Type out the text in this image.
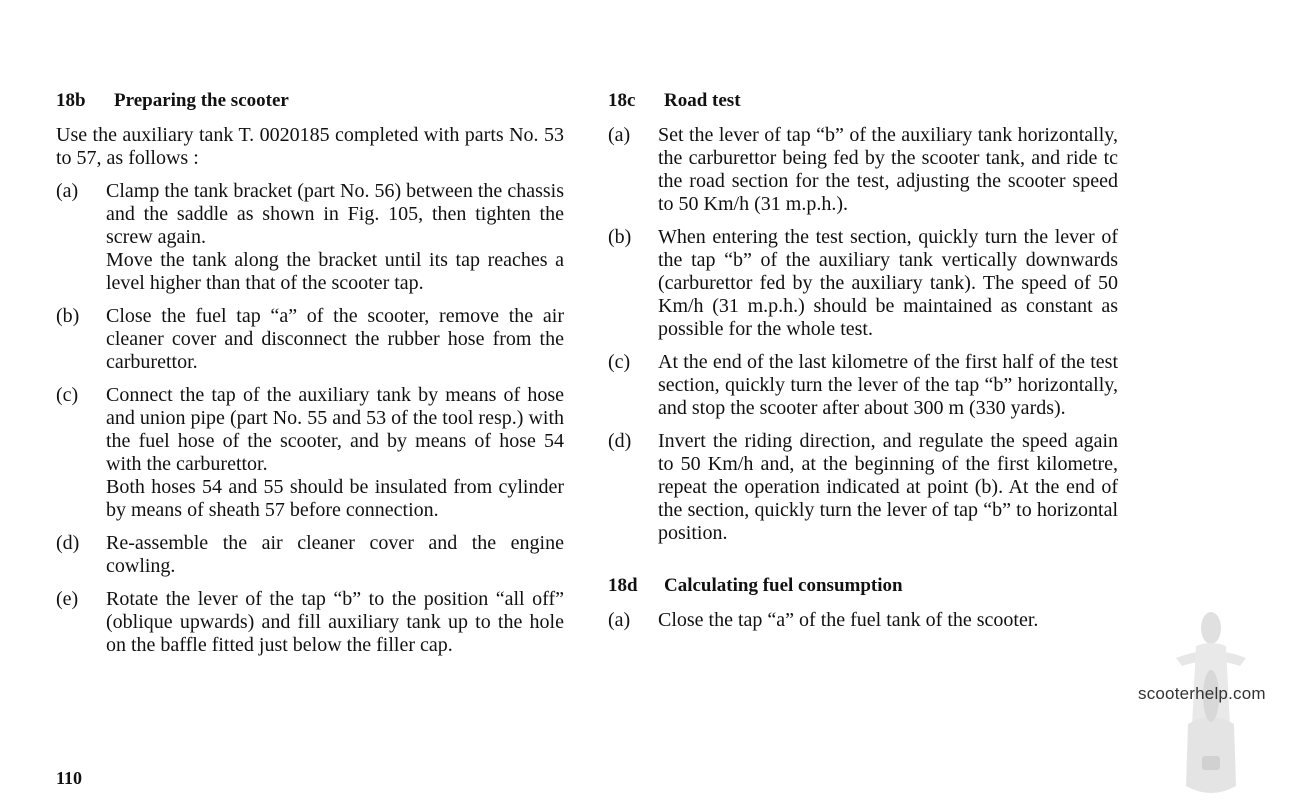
18b	Preparing the scooter

Use the auxiliary tank T. 0020185 completed with parts No. 53 to 57, as follows :

(a)	Clamp the tank bracket (part No. 56) between the chassis and the saddle as shown in Fig. 105, then tighten the screw again.

Move the tank along the bracket until its tap reaches a level higher than that of the scooter tap.

(b)	Close the fuel tap “a” of the scooter, remove the air cleaner cover and disconnect the rubber hose from the carburettor.

(c)	Connect the tap of the auxiliary tank by means of hose and union pipe (part No. 55 and 53 of the tool resp.) with the fuel hose of the scooter, and by means of hose 54 with the carburettor.

Both hoses 54 and 55 should be insulated from cylinder by means of sheath 57 before connection.

(d)	Re-assemble the air cleaner cover and the engine cowling.

(e)	Rotate the lever of the tap “b” to the position “all off” (oblique upwards) and fill auxiliary tank up to the hole on the baffle fitted just below the filler cap.

18c	Road test
(a)	Set the lever of tap “b” of the auxiliary tank horizontally, the carburettor being fed by the scooter tank, and ride tc the road section for the test, adjusting the scooter speed to 50 Km/h (31 m.p.h.).

(b)	When entering the test section, quickly turn the lever of the tap “b” of the auxiliary tank vertically downwards (carburettor fed by the auxiliary tank). The speed of 50 Km/h (31 m.p.h.) should be maintained as constant as possible for the whole test.

(c)	At the end of the last kilometre of the first half of the test section, quickly turn the lever of the tap “b” horizontally, and stop the scooter after about 300 m (330 yards).

(d)	Invert the riding direction, and regulate the speed again to 50 Km/h and, at the beginning of the first kilometre, repeat the operation indicated at point (b). At the end of the section, quickly turn the lever of tap “b” to horizontal position.

18d	Calculating fuel consumption
(a)	Close the tap “a” of the fuel tank of the scooter.

110
scooterhelp.com
